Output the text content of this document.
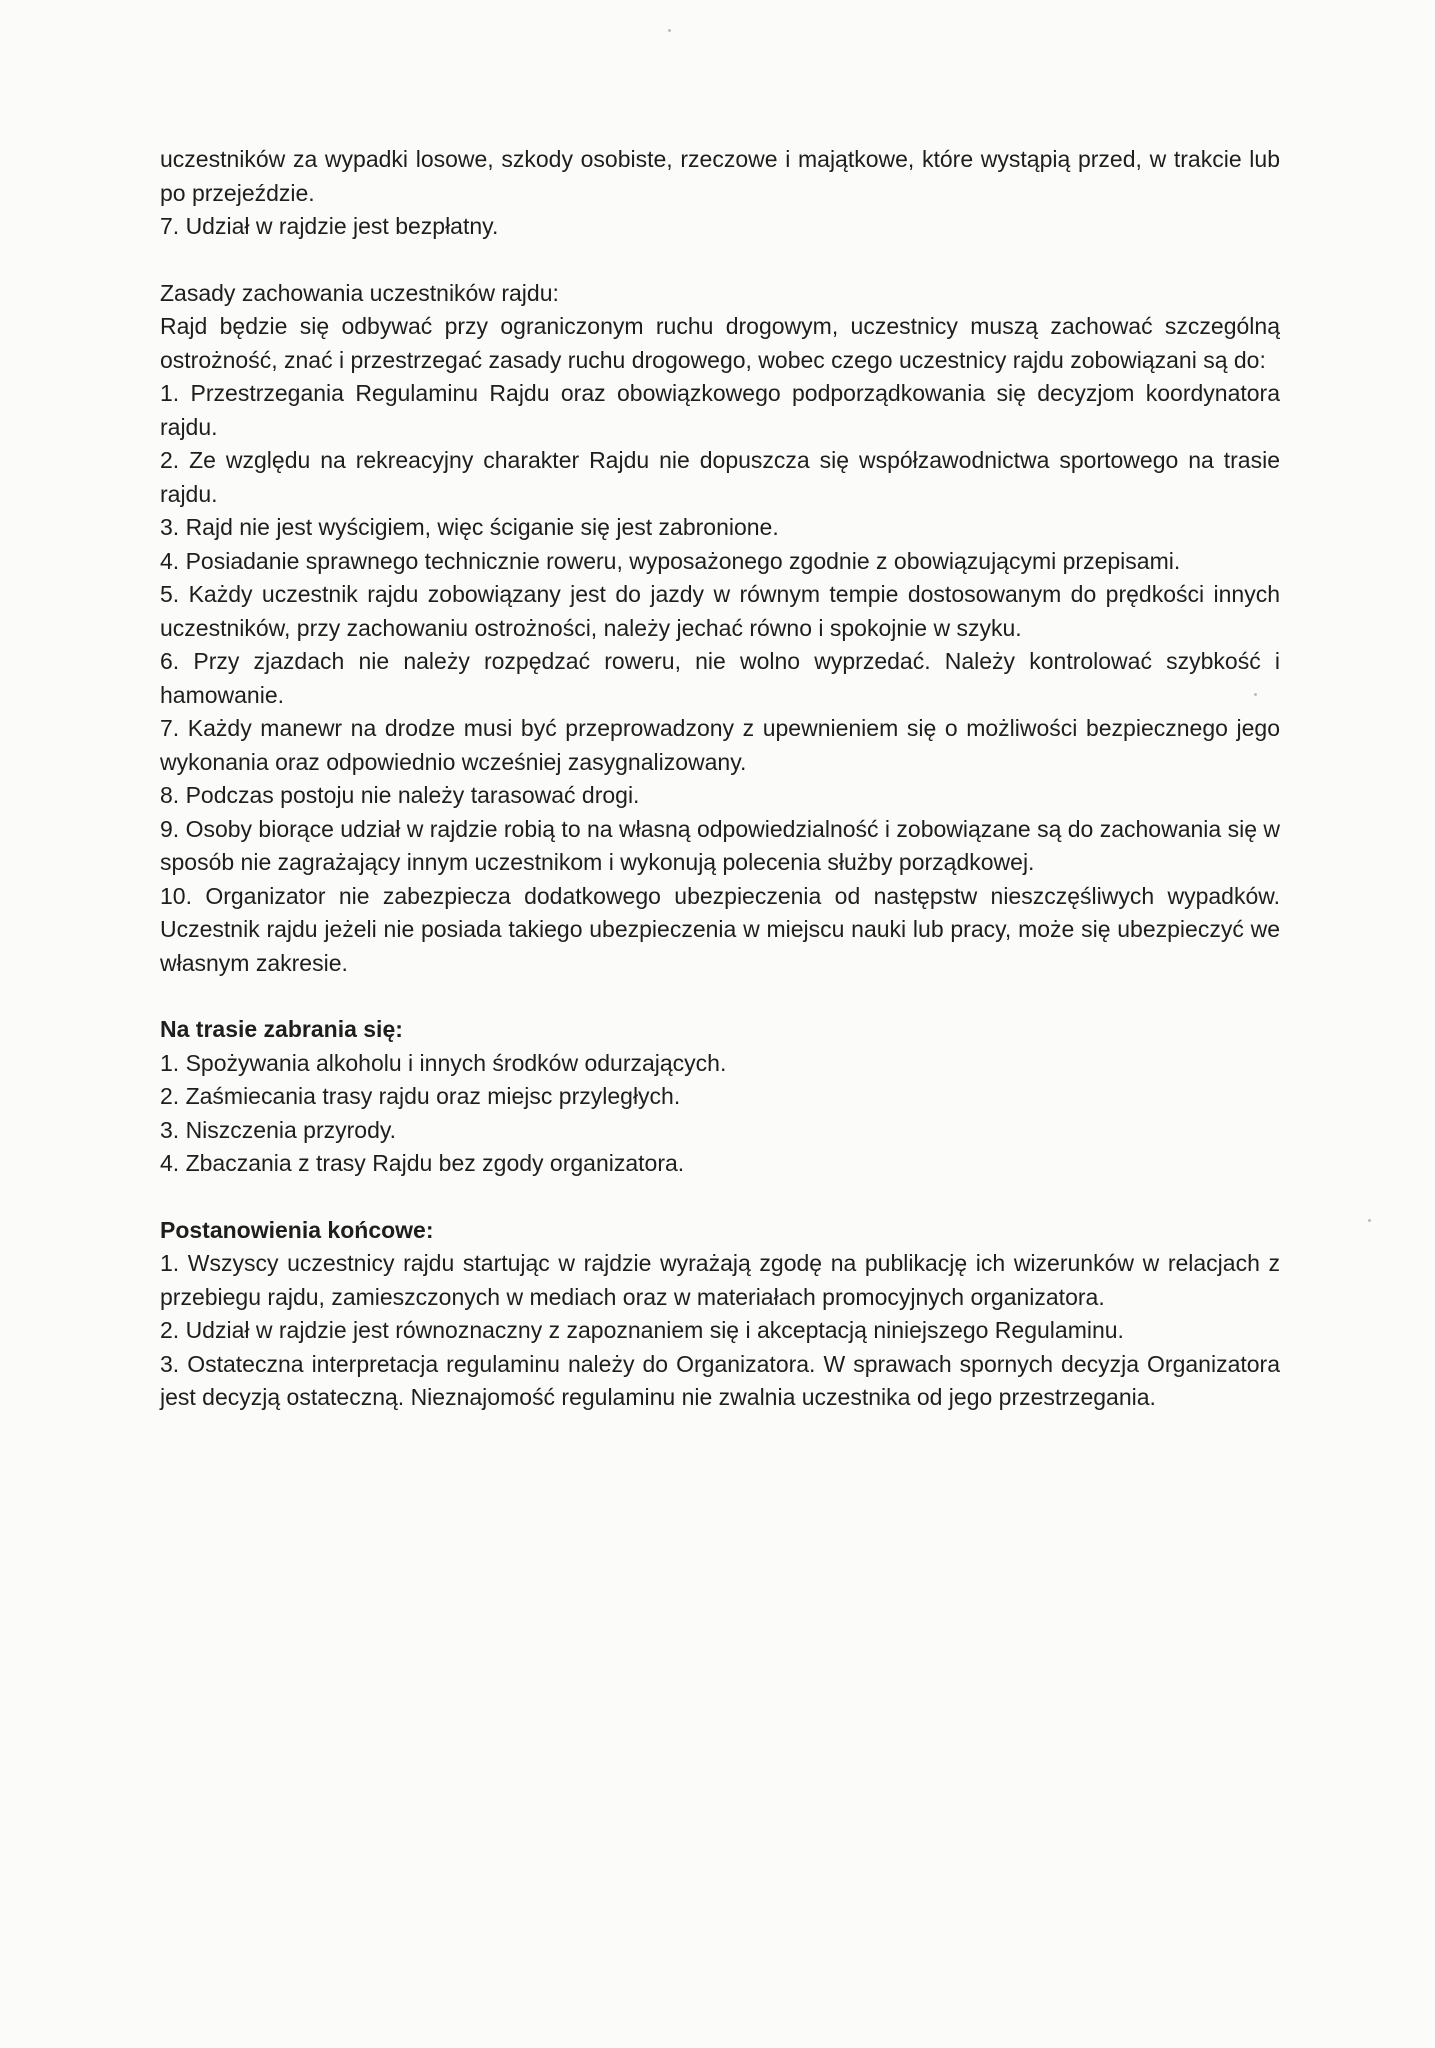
uczestników za wypadki losowe, szkody osobiste, rzeczowe i majątkowe, które wystąpią przed, w trakcie lub po przejeździe.

7. Udział w rajdzie jest bezpłatny.

Zasady zachowania uczestników rajdu:

Rajd będzie się odbywać przy ograniczonym ruchu drogowym, uczestnicy muszą zachować szczególną ostrożność, znać i przestrzegać zasady ruchu drogowego, wobec czego uczestnicy rajdu zobowiązani są do:

1. Przestrzegania Regulaminu Rajdu oraz obowiązkowego podporządkowania się decyzjom koordynatora rajdu.

2. Ze względu na rekreacyjny charakter Rajdu nie dopuszcza się współzawodnictwa sportowego na trasie rajdu.

3. Rajd nie jest wyścigiem, więc ściganie się jest zabronione.

4. Posiadanie sprawnego technicznie roweru, wyposażonego zgodnie z obowiązującymi przepisami.

5. Każdy uczestnik rajdu zobowiązany jest do jazdy w równym tempie dostosowanym do prędkości innych uczestników, przy zachowaniu ostrożności, należy jechać równo i spokojnie w szyku.

6. Przy zjazdach nie należy rozpędzać roweru, nie wolno wyprzedać. Należy kontrolować szybkość i hamowanie.

7. Każdy manewr na drodze musi być przeprowadzony z upewnieniem się o możliwości bezpiecznego jego wykonania oraz odpowiednio wcześniej zasygnalizowany.

8. Podczas postoju nie należy tarasować drogi.

9. Osoby biorące udział w rajdzie robią to na własną odpowiedzialność i zobowiązane są do zachowania się w sposób nie zagrażający innym uczestnikom i wykonują polecenia służby porządkowej.

10. Organizator nie zabezpiecza dodatkowego ubezpieczenia od następstw nieszczęśliwych wypadków. Uczestnik rajdu jeżeli nie posiada takiego ubezpieczenia w miejscu nauki lub pracy, może się ubezpieczyć we własnym zakresie.

Na trasie zabrania się:

1. Spożywania alkoholu i innych środków odurzających.

2. Zaśmiecania trasy rajdu oraz miejsc przyległych.

3. Niszczenia przyrody.

4. Zbaczania z trasy Rajdu bez zgody organizatora.

Postanowienia końcowe:

1. Wszyscy uczestnicy rajdu startując w rajdzie wyrażają zgodę na publikację ich wizerunków w relacjach z przebiegu rajdu, zamieszczonych w mediach oraz w materiałach promocyjnych organizatora.

2. Udział w rajdzie jest równoznaczny z zapoznaniem się i akceptacją niniejszego Regulaminu.

3. Ostateczna interpretacja regulaminu należy do Organizatora. W sprawach spornych decyzja Organizatora jest decyzją ostateczną. Nieznajomość regulaminu nie zwalnia uczestnika od jego przestrzegania.
